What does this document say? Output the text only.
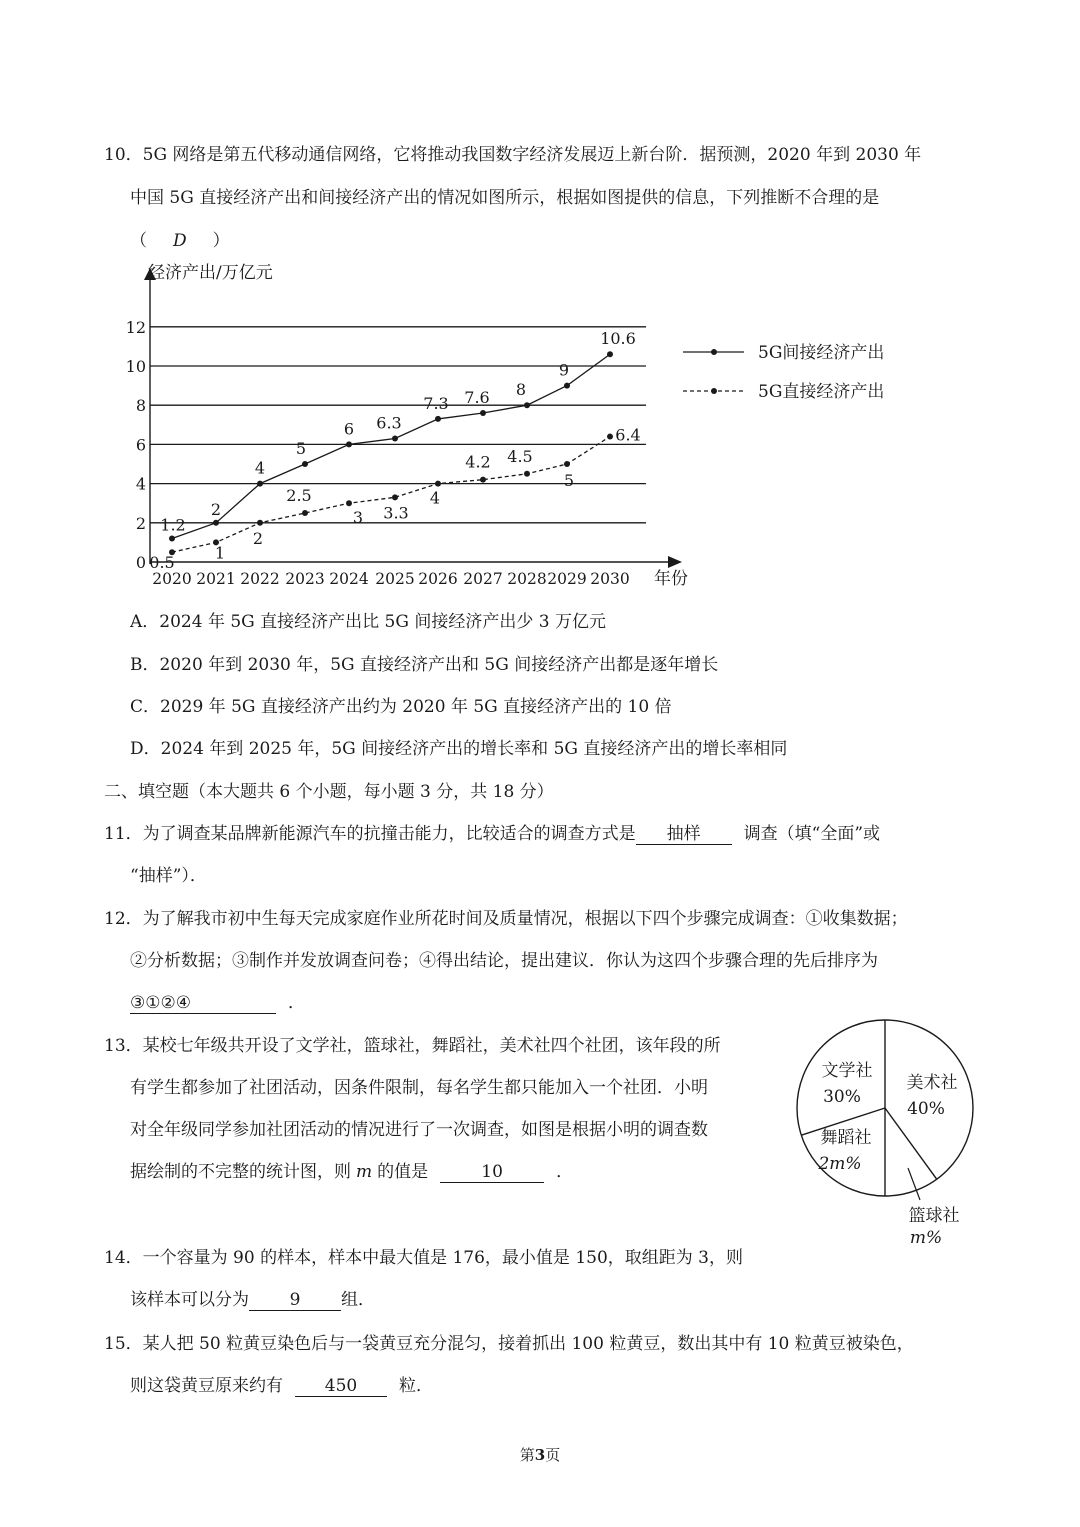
10．5G 网络是第五代移动通信网络，它将推动我国数字经济发展迈上新台阶．据预测，2020 年到 2030 年
中国 5G 直接经济产出和间接经济产出的情况如图所示，根据如图提供的信息，下列推断不合理的是
（ D ）
0
2
4
6
8
10
12
经济产出/万亿元
年份
2020 2021 2022 2023 2024 2025 2026 2027 2028 2029 2030
1.2
2
4
5
6 6.3
7.3 7.6 8
9
10.6
0.5
1
2
2.5
3 3.3
4
4.2 4.5
5
6.4
5G间接经济产出
5G直接经济产出
A．2024 年 5G 直接经济产出比 5G 间接经济产出少 3 万亿元
B．2020 年到 2030 年，5G 直接经济产出和 5G 间接经济产出都是逐年增长
C．2029 年 5G 直接经济产出约为 2020 年 5G 直接经济产出的 10 倍
D．2024 年到 2025 年，5G 间接经济产出的增长率和 5G 直接经济产出的增长率相同
二、填空题（本大题共 6 个小题，每小题 3 分，共 18 分）
11．为了调查某品牌新能源汽车的抗撞击能力，比较适合的调查方式是 抽样	调查（填“全面”或
“抽样”）．
12．为了解我市初中生每天完成家庭作业所花时间及质量情况，根据以下四个步骤完成调查：①收集数据；
②分析数据；③制作并发放调查问卷；④得出结论，提出建议．你认为这四个步骤合理的先后排序为
③①②④	．
13．某校七年级共开设了文学社，篮球社，舞蹈社，美术社四个社团，该年段的所
有学生都参加了社团活动，因条件限制，每名学生都只能加入一个社团．小明
对全年级同学参加社团活动的情况进行了一次调查，如图是根据小明的调查数
据绘制的不完整的统计图，则 m 的值是	10	．
美术社
40%
篮球社
m%
舞蹈社
2m%
文学社
30%
14．一个容量为 90 的样本，样本中最大值是 176，最小值是 150，取组距为 3，则
该样本可以分为 9 组．
15．某人把 50 粒黄豆染色后与一袋黄豆充分混匀，接着抓出 100 粒黄豆，数出其中有 10 粒黄豆被染色，
则这袋黄豆原来约有 450 粒．
第3页
